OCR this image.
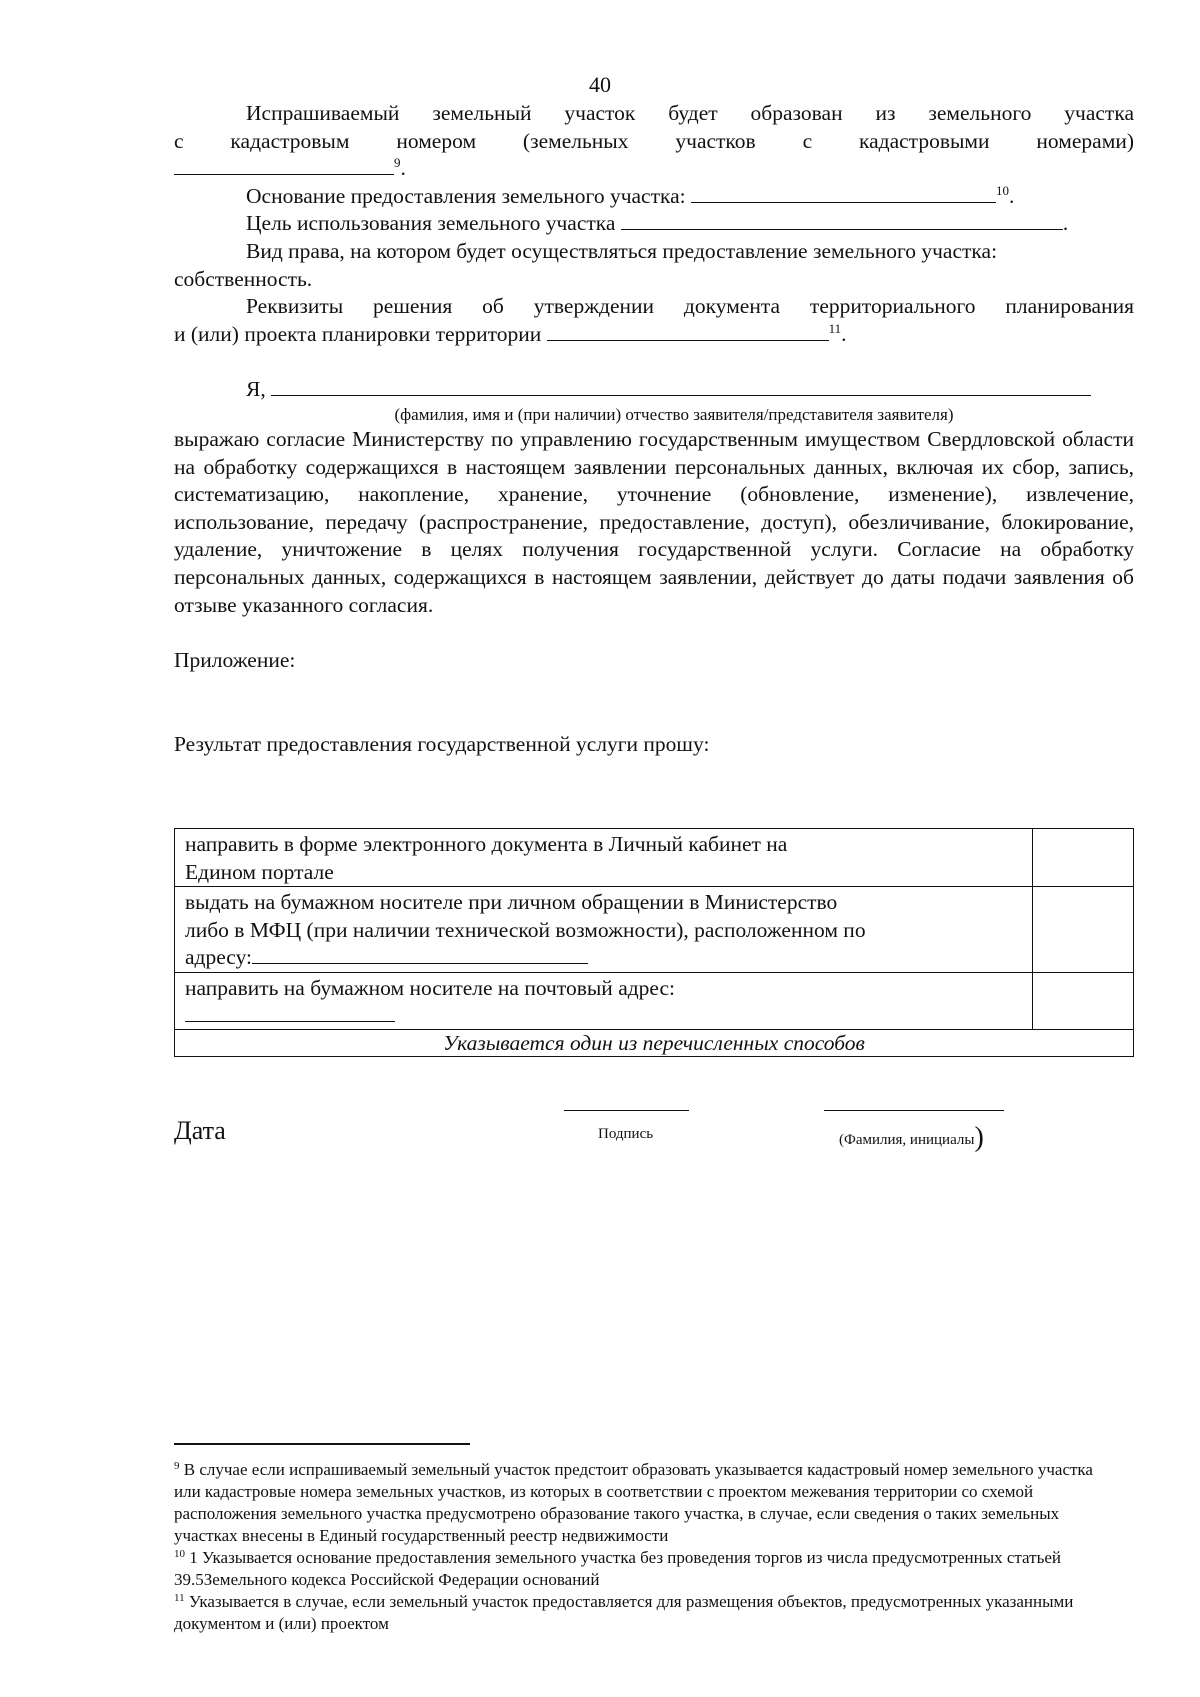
40

Испрашиваемый земельный участок будет образован из земельного участка

с кадастровым номером (земельных участков с кадастровыми номерами)

$^9$.

Основание предоставления земельного участка:	$^{10}$.

Цель использования земельного участка	.

Вид права, на котором будет осуществляться предоставление земельного участка: собственность.

Реквизиты решения об утверждении документа территориального планирования

и (или) проекта планировки территории	$^{11}$.

Я,

(фамилия, имя и (при наличии) отчество заявителя/представителя заявителя)

выражаю согласие Министерству по управлению государственным имуществом Свердловской области на обработку содержащихся в настоящем заявлении персональных данных, включая их сбор, запись, систематизацию, накопление, хранение, уточнение (обновление, изменение), извлечение, использование, передачу (распространение, предоставление, доступ), обезличивание, блокирование, удаление, уничтожение в целях получения государственной услуги. Согласие на обработку персональных данных, содержащихся в настоящем заявлении, действует до даты подачи заявления об отзыве указанного согласия.

Приложение:

Результат предоставления государственной услуги прошу:

направить в форме электронного документа в Личный кабинет на
Едином портале	

выдать на бумажном носителе при личном обращении в Министерство
либо в МФЦ (при наличии технической возможности), расположенном по
адресу:	

направить на бумажном носителе на почтовый адрес:	

Указывается один из перечисленных способов	
Дата	Подпись	(Фамилия, инициалы)

$^9$ В случае если испрашиваемый земельный участок предстоит образовать указывается кадастровый номер земельного участка или кадастровые номера земельных участков, из которых в соответствии с проектом межевания территории со схемой расположения земельного участка предусмотрено образование такого участка, в случае, если сведения о таких земельных участках внесены в Единый государственный реестр недвижимости

$^{10}$ 1 Указывается основание предоставления земельного участка без проведения торгов из числа предусмотренных статьей 39.5Земельного кодекса Российской Федерации оснований

$^{11}$ Указывается в случае, если земельный участок предоставляется для размещения объектов, предусмотренных указанными документом и (или) проектом
